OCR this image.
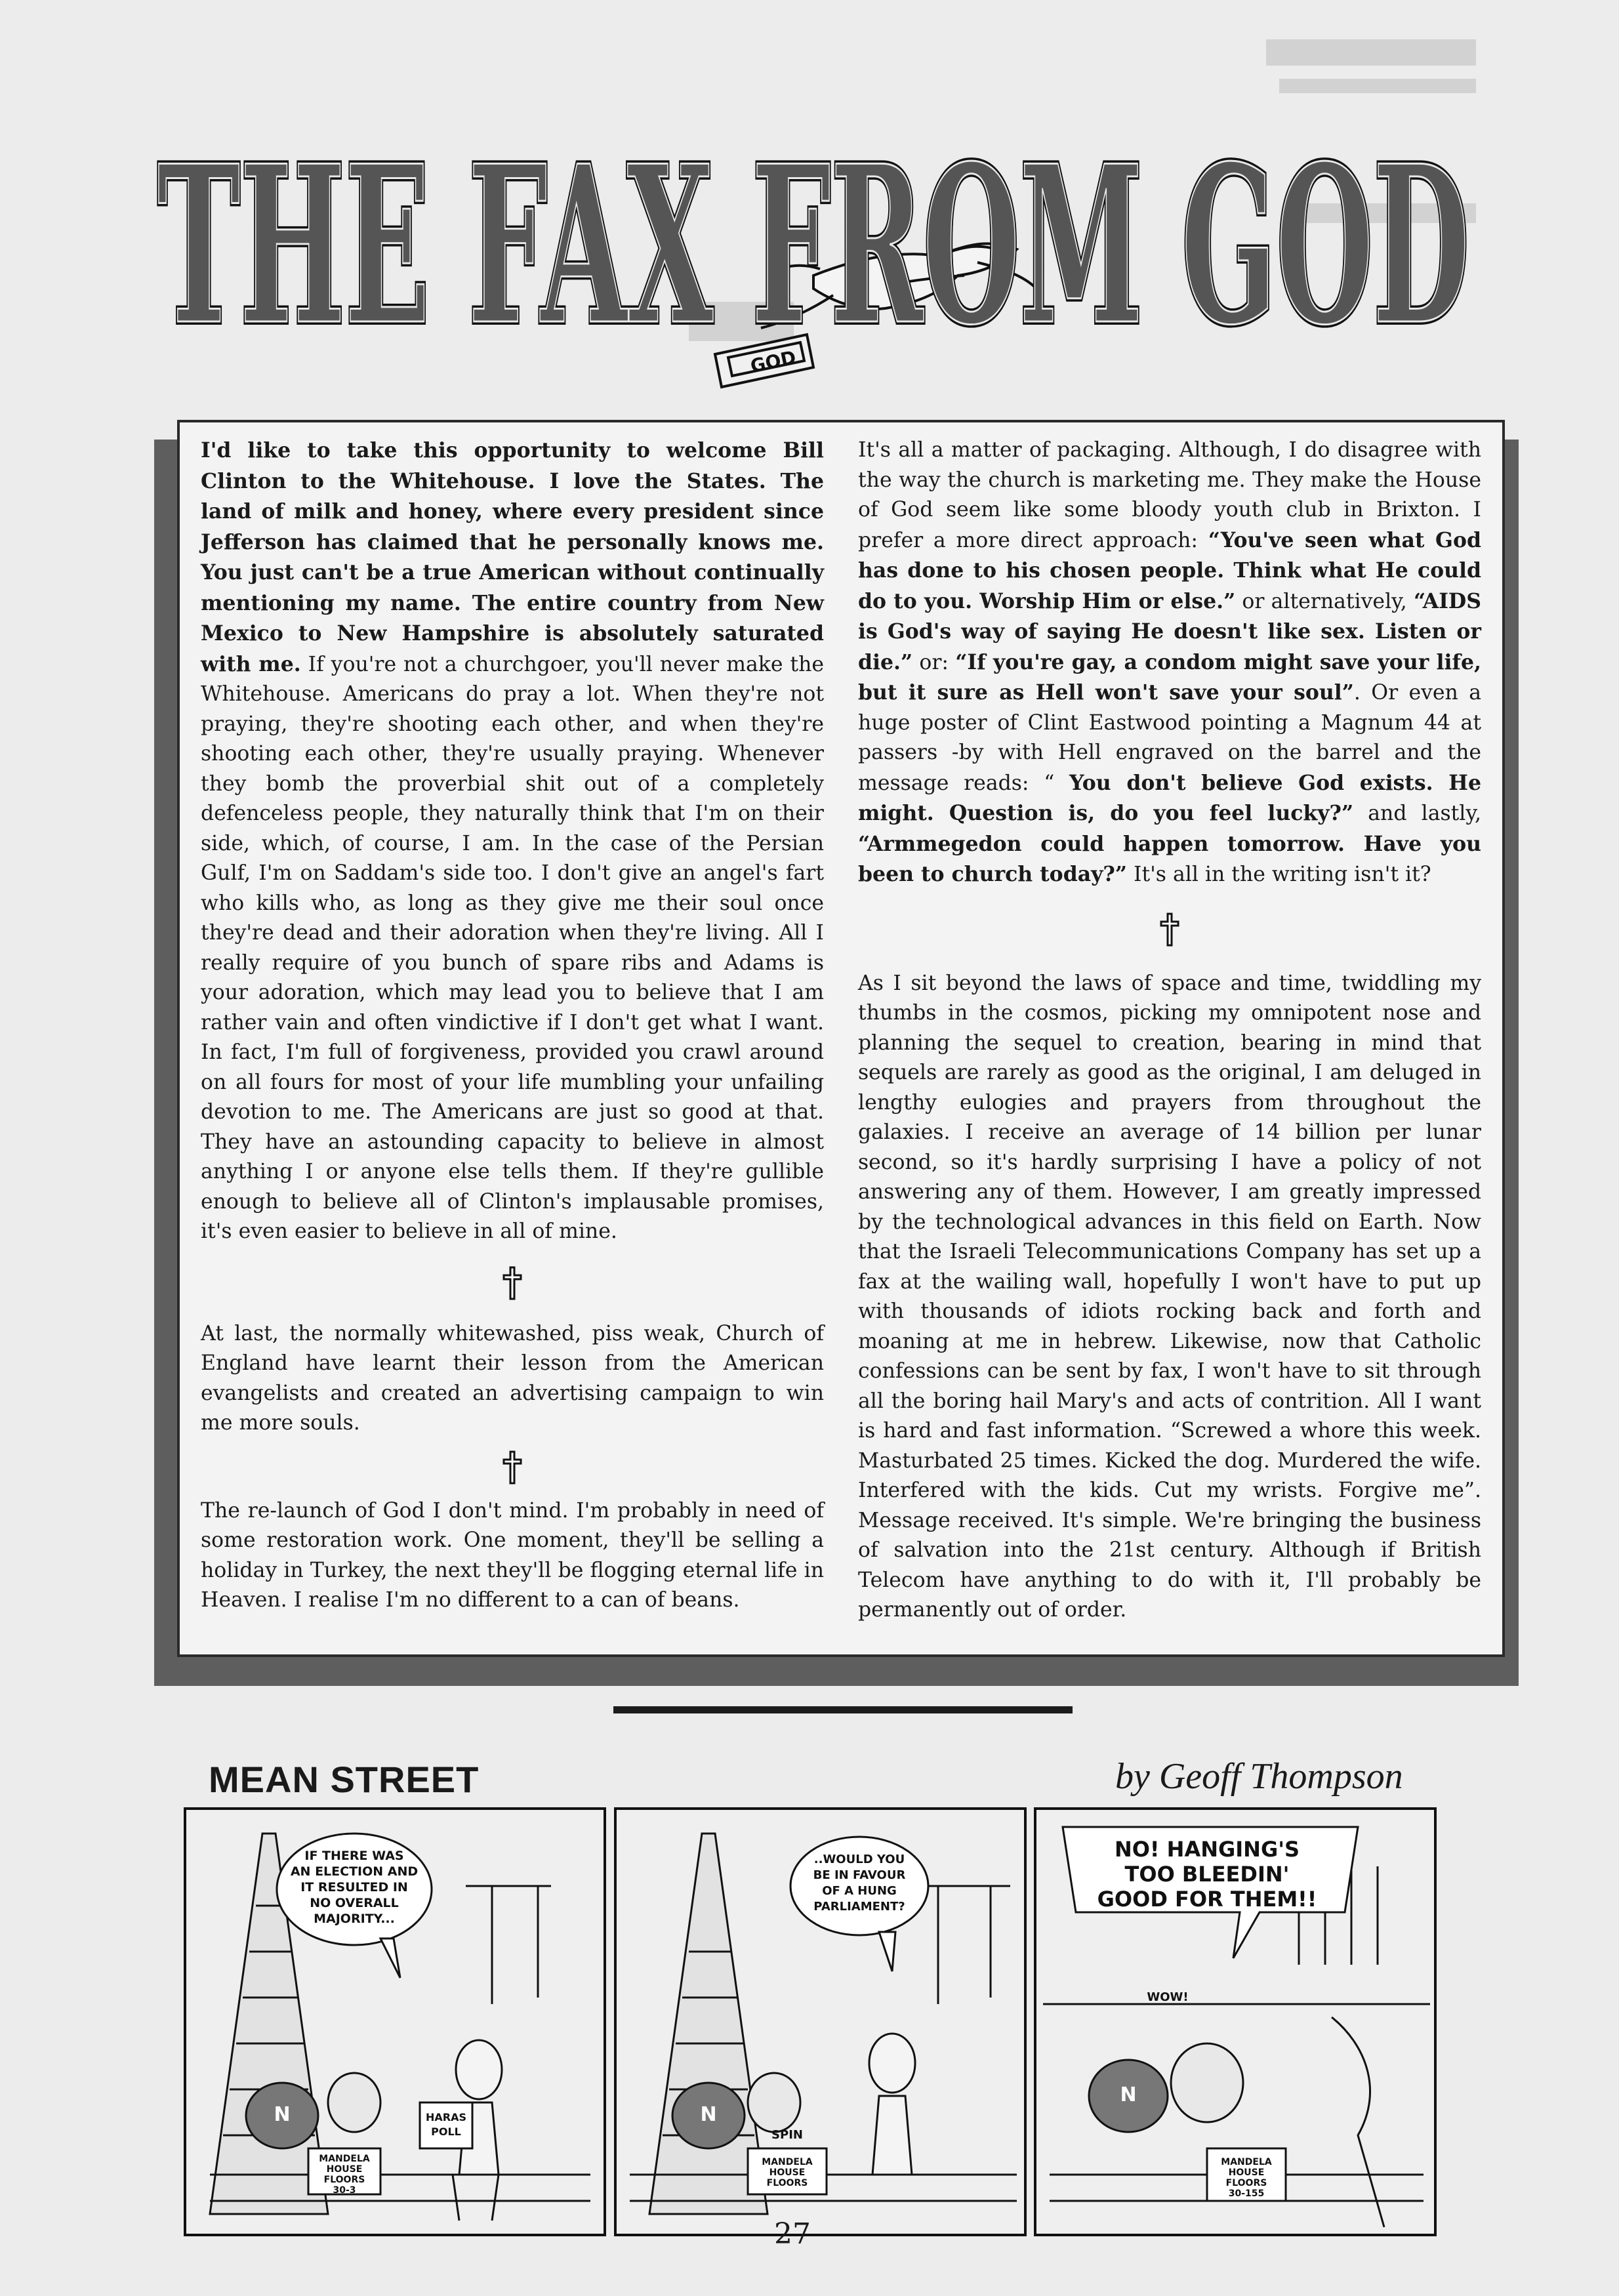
GOD
THE FAX FROM GOD
THE FAX FROM GOD

I'd like to take this opportunity to welcome Bill Clinton to the Whitehouse. I love the States. The land of milk and honey, where every president since Jefferson has claimed that he personally knows me. You just can't be a true American without continually mentioning my name. The entire country from New Mexico to New Hampshire is absolutely saturated with me. If you're not a churchgoer, you'll never make the Whitehouse. Americans do pray a lot. When they're not praying, they're shooting each other, and when they're shooting each other, they're usually praying. Whenever they bomb the proverbial shit out of a completely defenceless people, they naturally think that I'm on their side, which, of course, I am. In the case of the Persian Gulf, I'm on Saddam's side too. I don't give an angel's fart who kills who, as long as they give me their soul once they're dead and their adoration when they're living. All I really require of you bunch of spare ribs and Adams is your adoration, which may lead you to believe that I am rather vain and often vindictive if I don't get what I want. In fact, I'm full of forgiveness, provided you crawl around on all fours for most of your life mumbling your unfailing devotion to me. The Americans are just so good at that. They have an astounding capacity to believe in almost anything I or anyone else tells them. If they're gullible enough to believe all of Clinton's implausable promises, it's even easier to believe in all of mine.

At last, the normally whitewashed, piss weak, Church of England have learnt their lesson from the American evangelists and created an advertising campaign to win me more souls.

The re-launch of God I don't mind. I'm probably in need of some restoration work. One moment, they'll be selling a holiday in Turkey, the next they'll be flogging eternal life in Heaven. I realise I'm no different to a can of beans.

It's all a matter of packaging. Although, I do disagree with the way the church is marketing me. They make the House of God seem like some bloody youth club in Brixton. I prefer a more direct approach: “You've seen what God has done to his chosen people. Think what He could do to you. Worship Him or else.” or alternatively, “AIDS is God's way of saying He doesn't like sex. Listen or die.” or: “If you're gay, a condom might save your life, but it sure as Hell won't save your soul”. Or even a huge poster of Clint Eastwood pointing a Magnum 44 at passers -by with Hell engraved on the barrel and the message reads: “ You don't believe God exists. He might. Question is, do you feel lucky?” and lastly, “Armmegedon could happen tomorrow. Have you been to church today?” It's all in the writing isn't it?

As I sit beyond the laws of space and time, twiddling my thumbs in the cosmos, picking my omnipotent nose and planning the sequel to creation, bearing in mind that sequels are rarely as good as the original, I am deluged in lengthy eulogies and prayers from throughout the galaxies. I receive an average of 14 billion per lunar second, so it's hardly surprising I have a policy of not answering any of them. However, I am greatly impressed by the technological advances in this field on Earth. Now that the Israeli Telecommunications Company has set up a fax at the wailing wall, hopefully I won't have to put up with thousands of idiots rocking back and forth and moaning at me in hebrew. Likewise, now that Catholic confessions can be sent by fax, I won't have to sit through all the boring hail Mary's and acts of contrition. All I want is hard and fast information. “Screwed a whore this week. Masturbated 25 times. Kicked the dog. Murdered the wife. Interfered with the kids. Cut my wrists. Forgive me”. Message received. It's simple. We're bringing the business of salvation into the 21st century. Although if British Telecom have anything to do with it, I'll probably be permanently out of order.

MEAN STREET	by Geoff Thompson
IF THERE WAS
AN ELECTION AND
IT RESULTED IN
NO OVERALL
MAJORITY...
HARAS
POLL
MANDELA
HOUSE
FLOORS
30-3
N
..WOULD YOU
BE IN FAVOUR
OF A HUNG
PARLIAMENT?
MANDELA
HOUSE
FLOORS
SPIN
N
NO! HANGING'S
TOO BLEEDIN'
GOOD FOR THEM!!
WOW!
MANDELA
HOUSE
FLOORS
30-155
N
27
